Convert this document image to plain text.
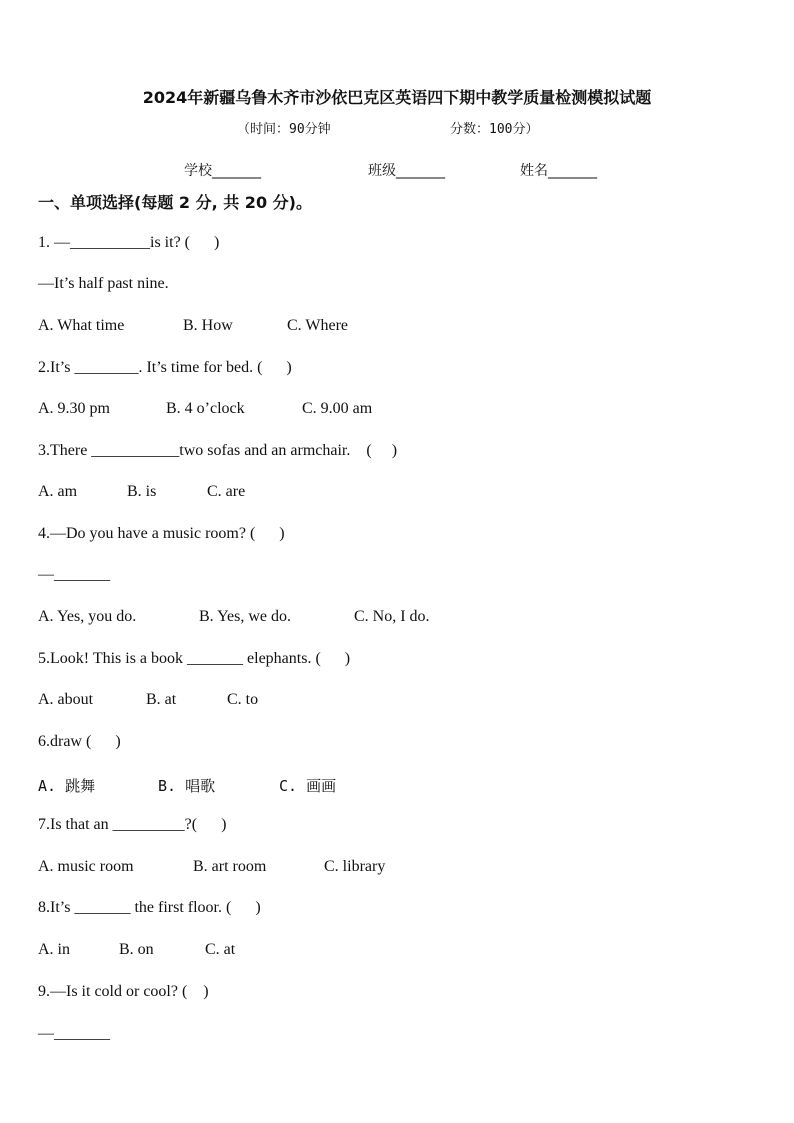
2024年新疆乌鲁木齐市沙依巴克区英语四下期中教学质量检测模拟试题
（时间：90分钟	分数：100分）
学校_______	班级_______	姓名_______
一、单项选择(每题 2 分, 共 20 分)。
1. —__________is it? (      )
—It’s half past nine.
A. What time	B. How	C. Where
2.It’s ________. It’s time for bed. (      )
A. 9.30 pm	B. 4 o’clock	C. 9.00 am
3.There ___________two sofas and an armchair.    (     )
A. am	B. is	C. are
4.—Do you have a music room? (      )
—_______
A. Yes, you do.	B. Yes, we do.	C. No, I do.
5.Look! This is a book _______ elephants. (      )
A. about	B. at	C. to
6.draw (      )
A. 跳舞	B. 唱歌	C. 画画
7.Is that an _________?(      )
A. music room	B. art room	C. library
8.It’s _______ the first floor. (      )
A. in	B. on	C. at
9.—Is it cold or cool? (    )
—_______
